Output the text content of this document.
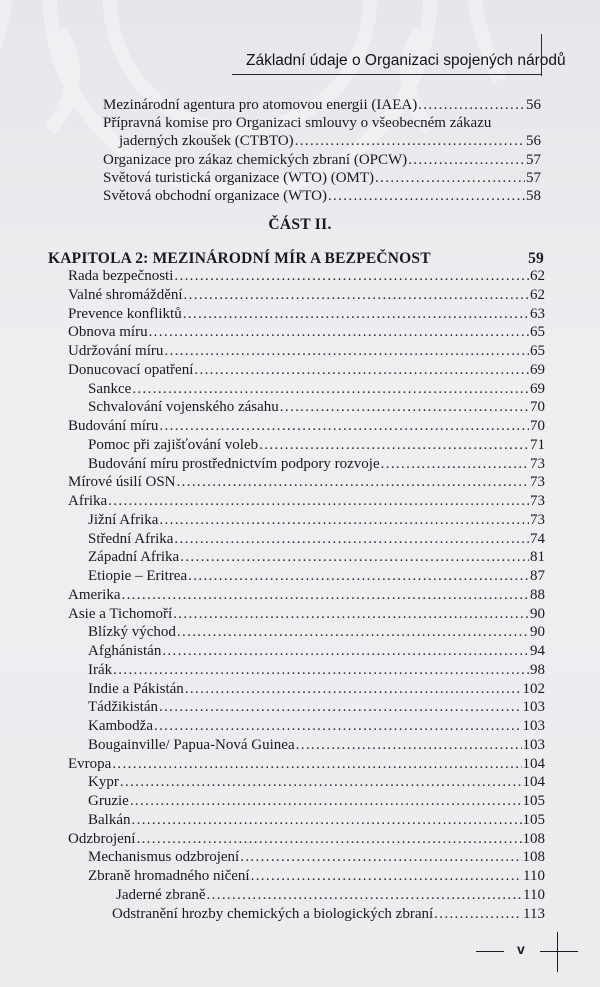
Základní údaje o Organizaci spojených národů
Mezinárodní agentura pro atomovou energii (IAEA) . . .	56
Přípravná komise pro Organizaci smlouvy o všeobecném zákazu
jaderných zkoušek (CTBTO) . . .	56
Organizace pro zákaz chemických zbraní (OPCW) . . .	57
Světová turistická organizace (WTO) (OMT) . . .	57
Světová obchodní organizace (WTO) . . .	58
ČÁST II.
KAPITOLA 2: MEZINÁRODNÍ MÍR A BEZPEČNOST	59
Rada bezpečnosti . . .	62
Valné shromáždění . . .	62
Prevence konfliktů . . .	63
Obnova míru . . .	65
Udržování míru . . .	65
Donucovací opatření . . .	69
Sankce . . .	69
Schvalování vojenského zásahu . . .	70
Budování míru . . .	70
Pomoc při zajišťování voleb . . .	71
Budování míru prostřednictvím podpory rozvoje . . .	73
Mírové úsilí OSN . . .	73
Afrika . . .	73
Jižní Afrika . . .	73
Střední Afrika . . .	74
Západní Afrika . . .	81
Etiopie – Eritrea . . .	87
Amerika . . .	88
Asie a Tichomoří . . .	90
Blízký východ . . .	90
Afghánistán . . .	94
Irák . . .	98
Indie a Pákistán . . .	102
Tádžikistán . . .	103
Kambodža . . .	103
Bougainville/ Papua-Nová Guinea . . .	103
Evropa . . .	104
Kypr . . .	104
Gruzie . . .	105
Balkán . . .	105
Odzbrojení . . .	108
Mechanismus odzbrojení . . .	108
Zbraně hromadného ničení . . .	110
Jaderné zbraně . . .	110
Odstranění hrozby chemických a biologických zbraní . . .	113
v
